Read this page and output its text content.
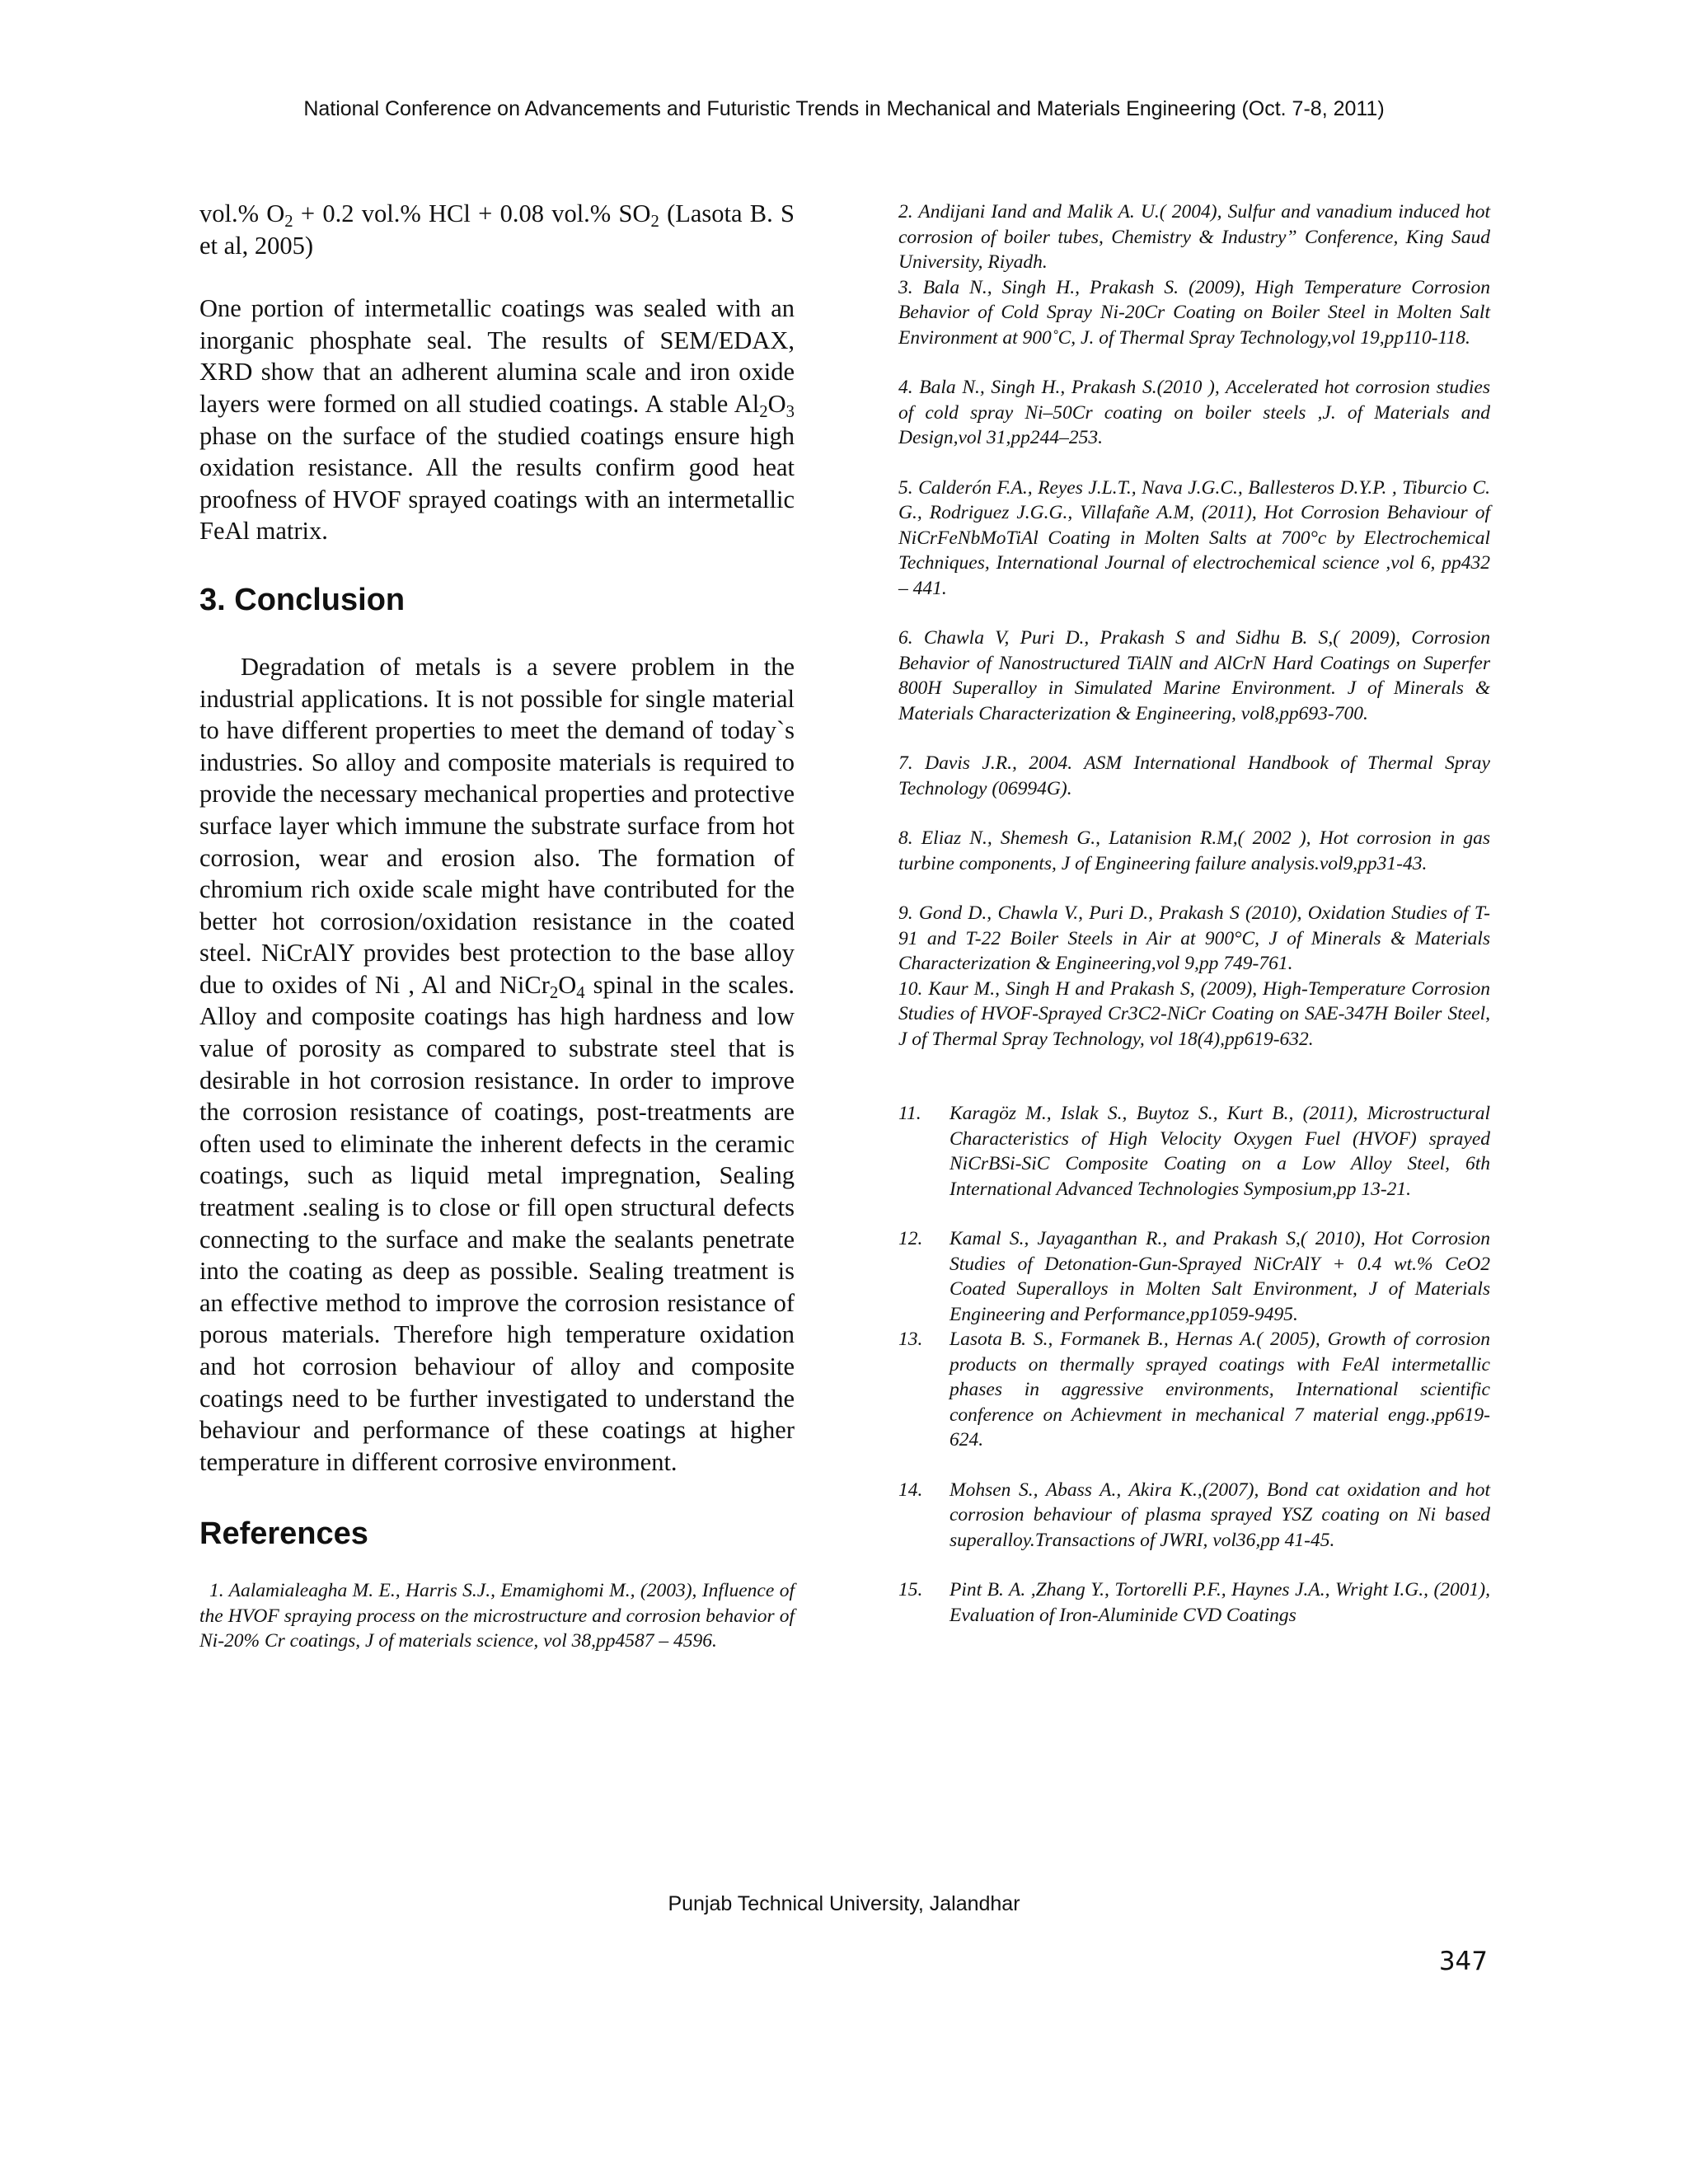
National Conference on Advancements and Futuristic Trends in Mechanical and Materials Engineering (Oct. 7-8, 2011)

vol.% $O_2 + 0.2$ vol.% HCl + 0.08 vol.% $SO_2$ (Lasota B. S et al, 2005)

One portion of intermetallic coatings was sealed with an inorganic phosphate seal. The results of SEM/EDAX, XRD show that an adherent alumina scale and iron oxide layers were formed on all studied coatings. A stable $Al_2O_3$ phase on the surface of the studied coatings ensure high oxidation resistance. All the results confirm good heat proofness of HVOF sprayed coatings with an intermetallic FeAl matrix.

3. Conclusion

Degradation of metals is a severe problem in the industrial applications. It is not possible for single material to have different properties to meet the demand of today`s industries. So alloy and composite materials is required to provide the necessary mechanical properties and protective surface layer which immune the substrate surface from hot corrosion, wear and erosion also. The formation of chromium rich oxide scale might have contributed for the better hot corrosion/oxidation resistance in the coated steel. NiCrAlY provides best protection to the base alloy due to oxides of Ni , Al and $NiCr_2O_4$ spinal in the scales. Alloy and composite coatings has high hardness and low value of porosity as compared to substrate steel that is desirable in hot corrosion resistance. In order to improve the corrosion resistance of coatings, post-treatments are often used to eliminate the inherent defects in the ceramic coatings, such as liquid metal impregnation, Sealing treatment .sealing is to close or fill open structural defects connecting to the surface and make the sealants penetrate into the coating as deep as possible. Sealing treatment is an effective method to improve the corrosion resistance of porous materials. Therefore high temperature oxidation and hot corrosion behaviour of alloy and composite coatings need to be further investigated to understand the behaviour and performance of these coatings at higher temperature in different corrosive environment.

References

1. Aalamialeagha M. E., Harris S.J., Emamighomi M., (2003), Influence of the HVOF spraying process on the microstructure and corrosion behavior of Ni-20% Cr coatings, J of materials science, vol 38,pp4587 – 4596.

2. Andijani Iand and Malik A. U.( 2004), Sulfur and vanadium induced hot corrosion of boiler tubes, Chemistry & Industry” Conference, King Saud University, Riyadh.

3. Bala N., Singh H., Prakash S. (2009), High Temperature Corrosion Behavior of Cold Spray Ni-20Cr Coating on Boiler Steel in Molten Salt Environment at 900˚C, J. of Thermal Spray Technology,vol 19,pp110-118.

4. Bala N., Singh H., Prakash S.(2010 ), Accelerated hot corrosion studies of cold spray Ni–50Cr coating on boiler steels ,J. of Materials and Design,vol 31,pp244–253.

5. Calderón F.A., Reyes J.L.T., Nava J.G.C., Ballesteros D.Y.P. , Tiburcio C. G., Rodriguez J.G.G., Villafañe A.M, (2011), Hot Corrosion Behaviour of NiCrFeNbMoTiAl Coating in Molten Salts at 700°c by Electrochemical Techniques, International Journal of electrochemical science ,vol 6, pp432 – 441.

6. Chawla V, Puri D., Prakash S and Sidhu B. S,( 2009), Corrosion Behavior of Nanostructured TiAlN and AlCrN Hard Coatings on Superfer 800H Superalloy in Simulated Marine Environment. J of Minerals & Materials Characterization & Engineering, vol8,pp693-700.

7. Davis J.R., 2004. ASM International Handbook of Thermal Spray Technology (06994G).

8. Eliaz N., Shemesh G., Latanision R.M,( 2002 ), Hot corrosion in gas turbine components, J of Engineering failure analysis.vol9,pp31-43.

9. Gond D., Chawla V., Puri D., Prakash S (2010), Oxidation Studies of T-91 and T-22 Boiler Steels in Air at 900°C, J of Minerals & Materials Characterization & Engineering,vol 9,pp 749-761.

10. Kaur M., Singh H and Prakash S, (2009), High-Temperature Corrosion Studies of HVOF-Sprayed Cr3C2-NiCr Coating on SAE-347H Boiler Steel, J of Thermal Spray Technology, vol 18(4),pp619-632.

11. Karagöz M., Islak S., Buytoz S., Kurt B., (2011), Microstructural Characteristics of High Velocity Oxygen Fuel (HVOF) sprayed NiCrBSi-SiC Composite Coating on a Low Alloy Steel, 6th International Advanced Technologies Symposium,pp 13-21.

12. Kamal S., Jayaganthan R., and Prakash S,( 2010), Hot Corrosion Studies of Detonation-Gun-Sprayed NiCrAlY + 0.4 wt.% CeO2 Coated Superalloys in Molten Salt Environment, J of Materials Engineering and Performance,pp1059-9495.

13. Lasota B. S., Formanek B., Hernas A.( 2005), Growth of corrosion products on thermally sprayed coatings with FeAl intermetallic phases in aggressive environments, International scientific conference on Achievment in mechanical 7 material engg.,pp619-624.

14. Mohsen S., Abass A., Akira K.,(2007), Bond cat oxidation and hot corrosion behaviour of plasma sprayed YSZ coating on Ni based superalloy.Transactions of JWRI, vol36,pp 41-45.

15. Pint B. A. ,Zhang Y., Tortorelli P.F., Haynes J.A., Wright I.G., (2001), Evaluation of Iron-Aluminide CVD Coatings

Punjab Technical University, Jalandhar
347
